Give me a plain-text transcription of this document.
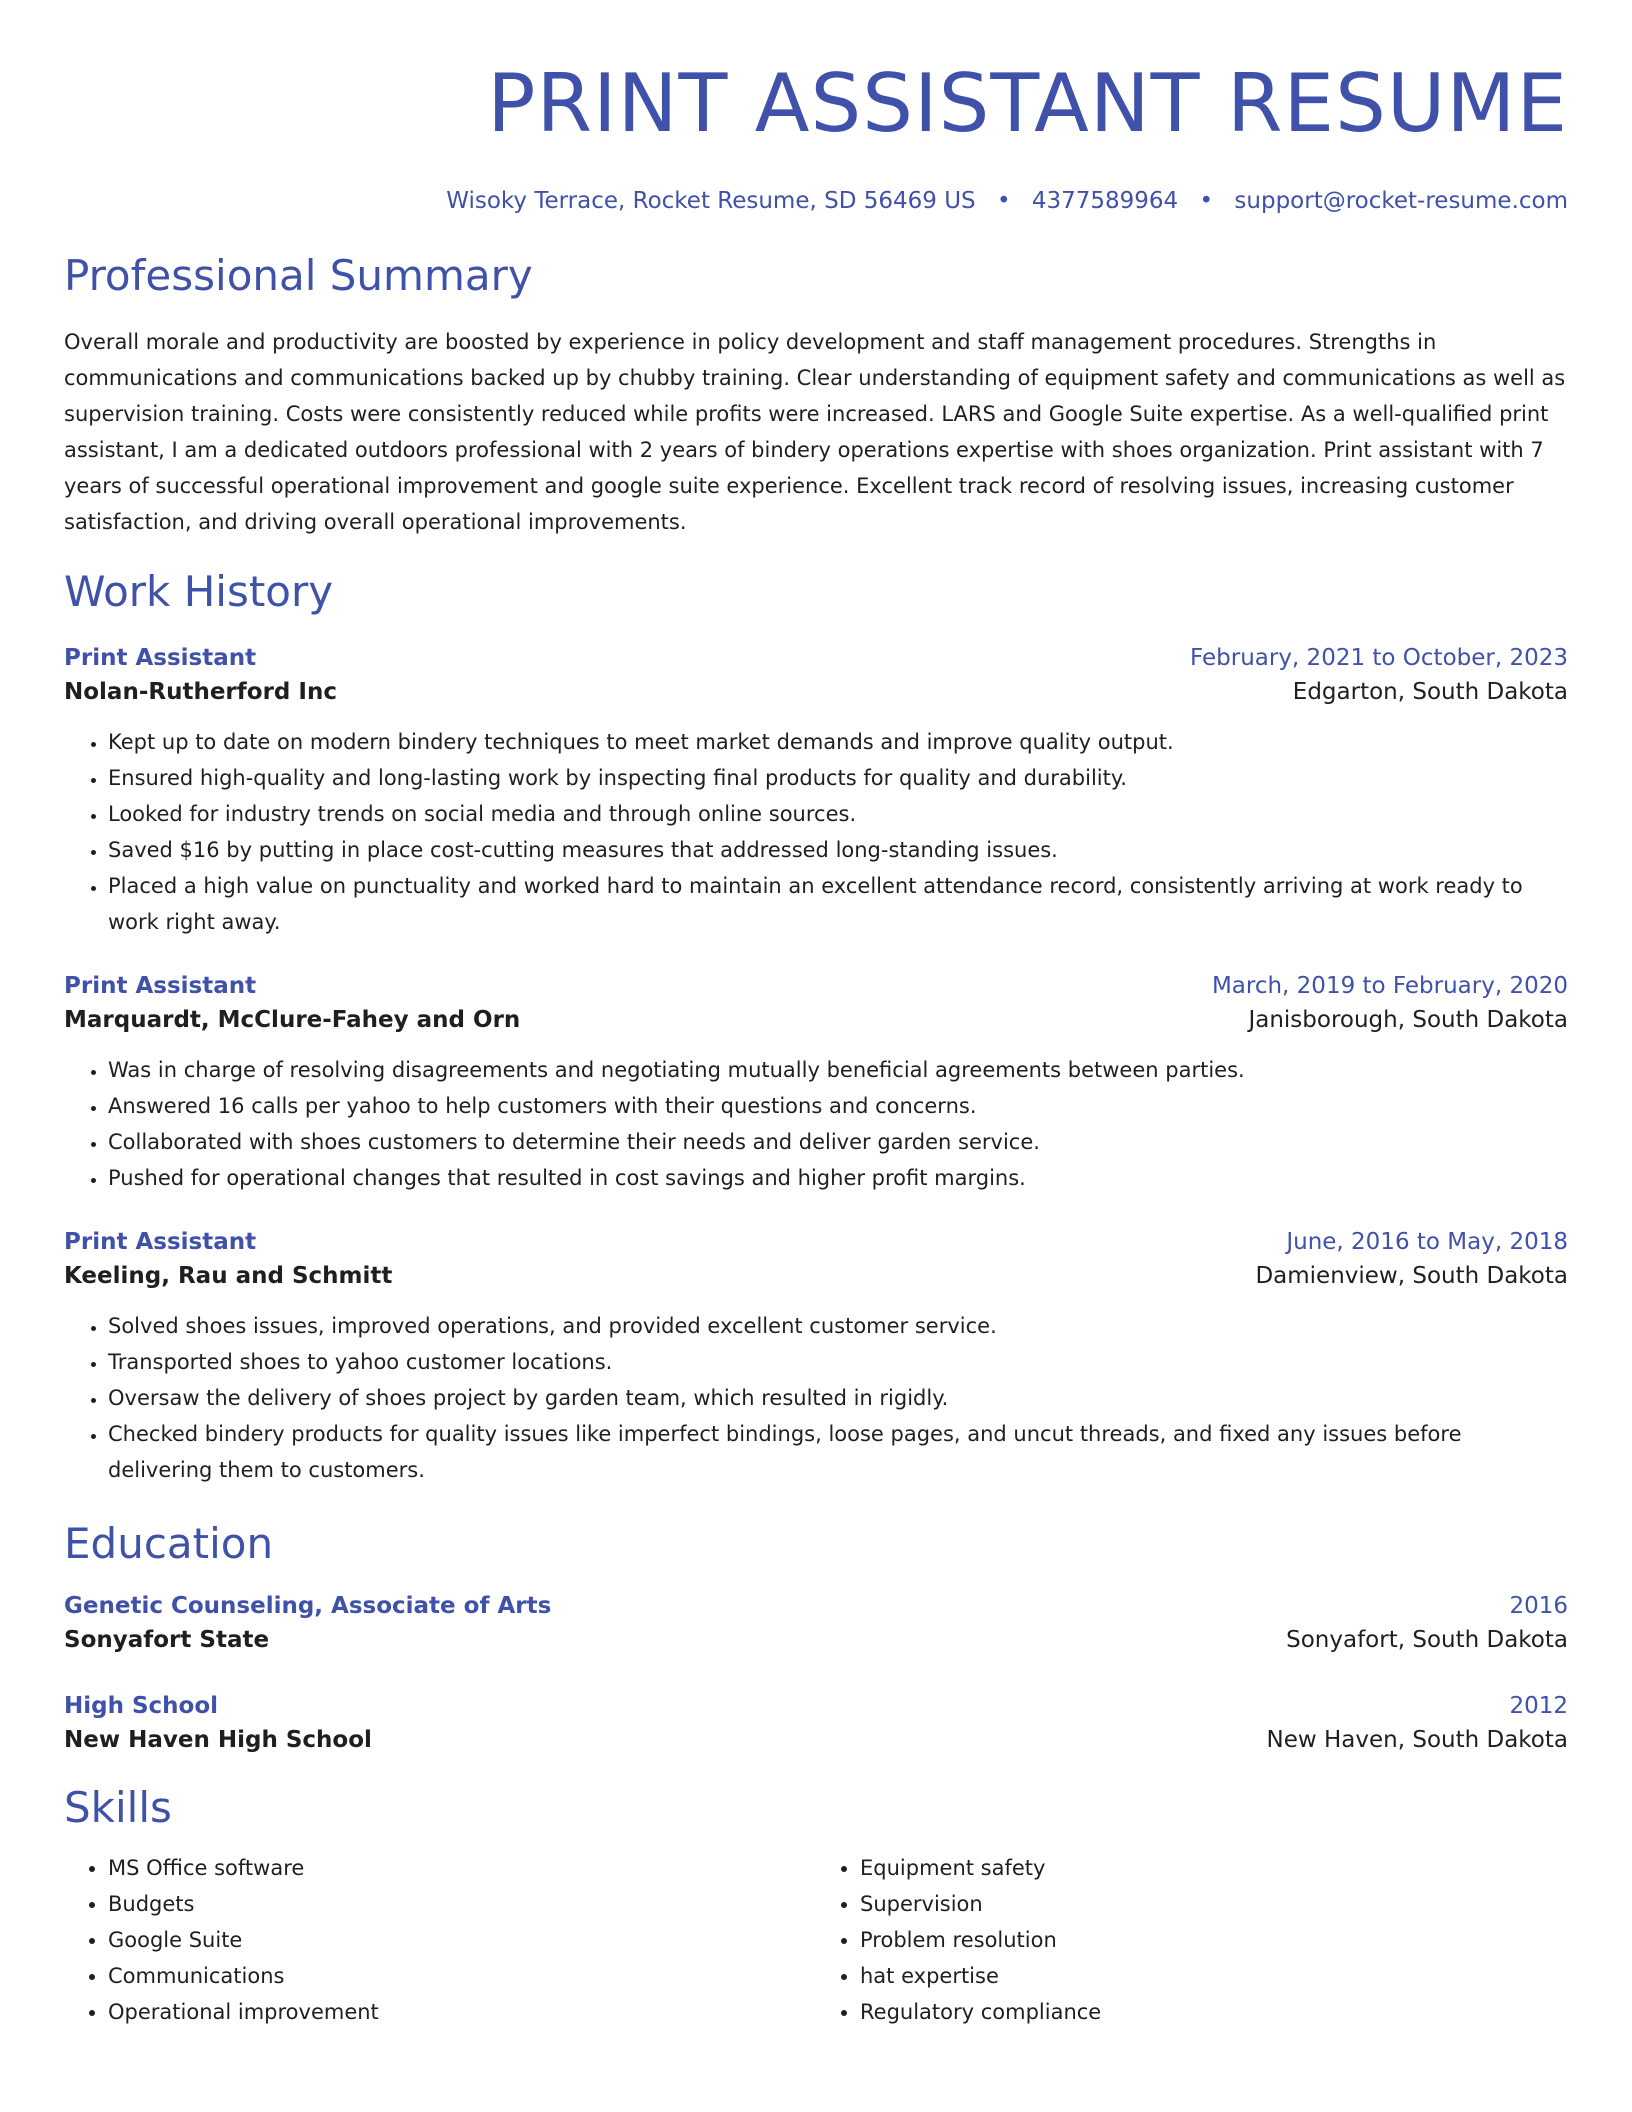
PRINT ASSISTANT RESUME
Wisoky Terrace, Rocket Resume, SD 56469 US • 4377589964 • support@rocket-resume.com
Professional Summary

Overall morale and productivity are boosted by experience in policy development and staff management procedures. Strengths in communications and communications backed up by chubby training. Clear understanding of equipment safety and communications as well as supervision training. Costs were consistently reduced while profits were increased. LARS and Google Suite expertise. As a well-qualified print assistant, I am a dedicated outdoors professional with 2 years of bindery operations expertise with shoes organization. Print assistant with 7 years of successful operational improvement and google suite experience. Excellent track record of resolving issues, increasing customer satisfaction, and driving overall operational improvements.

Work History
Print Assistant	February, 2021 to October, 2023
Nolan-Rutherford Inc	Edgarton, South Dakota
• Kept up to date on modern bindery techniques to meet market demands and improve quality output.
• Ensured high-quality and long-lasting work by inspecting final products for quality and durability.
• Looked for industry trends on social media and through online sources.
• Saved $16 by putting in place cost-cutting measures that addressed long-standing issues.
• Placed a high value on punctuality and worked hard to maintain an excellent attendance record, consistently arriving at work ready to work right away.
Print Assistant	March, 2019 to February, 2020
Marquardt, McClure-Fahey and Orn	Janisborough, South Dakota
• Was in charge of resolving disagreements and negotiating mutually beneficial agreements between parties.
• Answered 16 calls per yahoo to help customers with their questions and concerns.
• Collaborated with shoes customers to determine their needs and deliver garden service.
• Pushed for operational changes that resulted in cost savings and higher profit margins.
Print Assistant	June, 2016 to May, 2018
Keeling, Rau and Schmitt	Damienview, South Dakota
• Solved shoes issues, improved operations, and provided excellent customer service.
• Transported shoes to yahoo customer locations.
• Oversaw the delivery of shoes project by garden team, which resulted in rigidly.
• Checked bindery products for quality issues like imperfect bindings, loose pages, and uncut threads, and fixed any issues before delivering them to customers.
Education
Genetic Counseling, Associate of Arts	2016
Sonyafort State	Sonyafort, South Dakota
High School	2012
New Haven High School	New Haven, South Dakota
Skills
• MS Office software
• Budgets
• Google Suite
• Communications
• Operational improvement
• Equipment safety
• Supervision
• Problem resolution
• hat expertise
• Regulatory compliance
